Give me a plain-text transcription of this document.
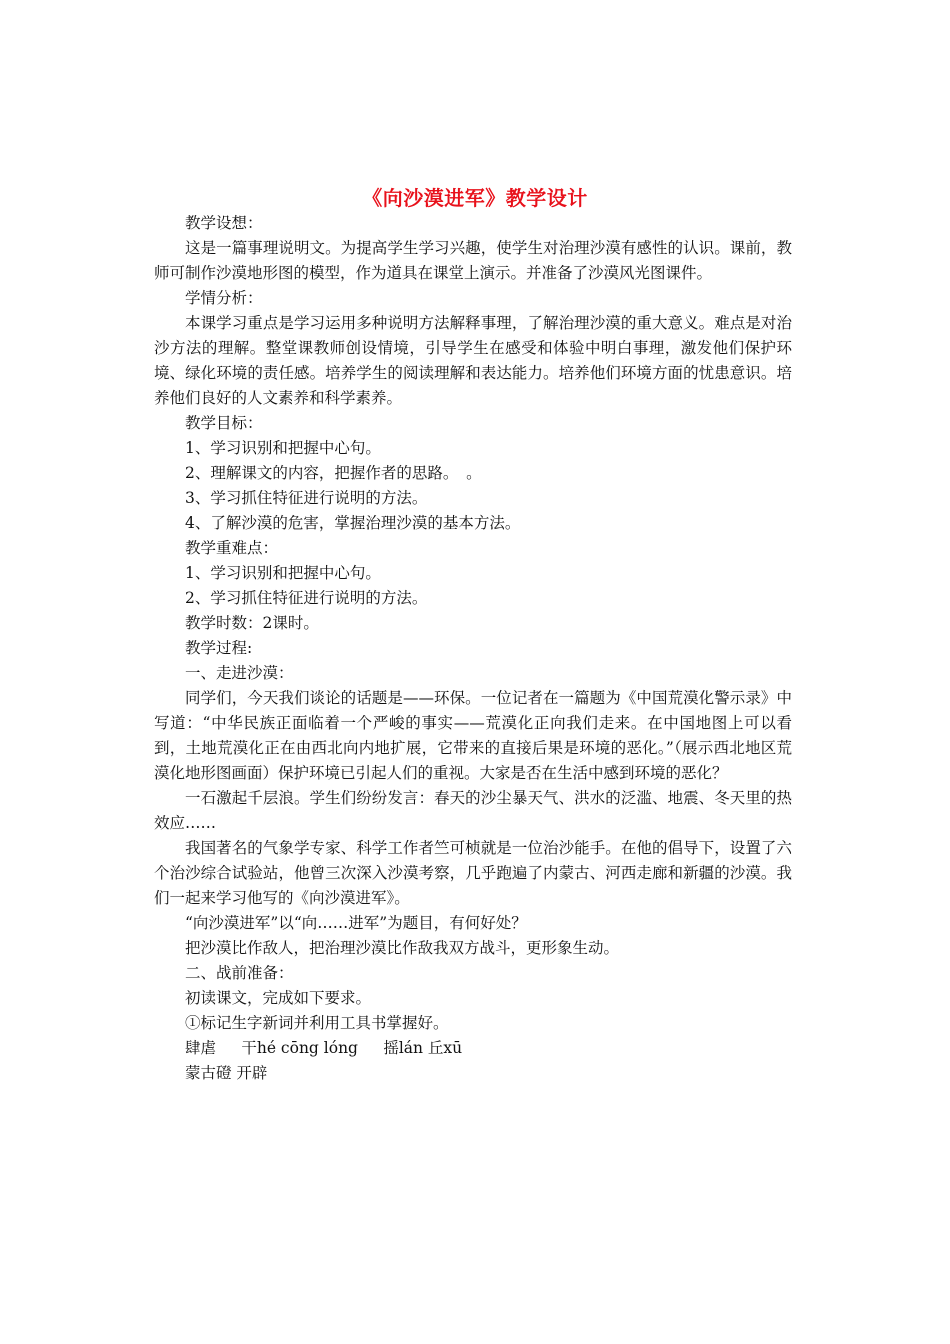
《向沙漠进军》教学设计

教学设想：

这是一篇事理说明文。为提高学生学习兴趣，使学生对治理沙漠有感性的认识。课前，教师可制作沙漠地形图的模型，作为道具在课堂上演示。并准备了沙漠风光图课件。

学情分析：

本课学习重点是学习运用多种说明方法解释事理，了解治理沙漠的重大意义。难点是对治沙方法的理解。整堂课教师创设情境，引导学生在感受和体验中明白事理，激发他们保护环境、绿化环境的责任感。培养学生的阅读理解和表达能力。培养他们环境方面的忧患意识。培养他们良好的人文素养和科学素养。

教学目标：

1、学习识别和把握中心句。

2、理解课文的内容，把握作者的思路。　。

3、学习抓住特征进行说明的方法。

4、了解沙漠的危害，掌握治理沙漠的基本方法。

教学重难点：

1、学习识别和把握中心句。

2、学习抓住特征进行说明的方法。

教学时数：2课时。

教学过程:

一、走进沙漠：

同学们，今天我们谈论的话题是——环保。一位记者在一篇题为《中国荒漠化警示录》中写道：“中华民族正面临着一个严峻的事实——荒漠化正向我们走来。在中国地图上可以看到，土地荒漠化正在由西北向内地扩展，它带来的直接后果是环境的恶化。”（展示西北地区荒漠化地形图画面）保护环境已引起人们的重视。大家是否在生活中感到环境的恶化？

一石激起千层浪。学生们纷纷发言：春天的沙尘暴天气、洪水的泛滥、地震、冬天里的热效应……

我国著名的气象学专家、科学工作者竺可桢就是一位治沙能手。在他的倡导下，设置了六个治沙综合试验站，他曾三次深入沙漠考察，几乎跑遍了内蒙古、河西走廊和新疆的沙漠。我们一起来学习他写的《向沙漠进军》。

“向沙漠进军”以“向……进军”为题目，有何好处？

把沙漠比作敌人，把治理沙漠比作敌我双方战斗，更形象生动。

二、战前准备：

初读课文，完成如下要求。

①标记生字新词并利用工具书掌握好。

肆虐　  干hé cōng lóng　  摇lán 丘xū

蒙古磴 开辟
